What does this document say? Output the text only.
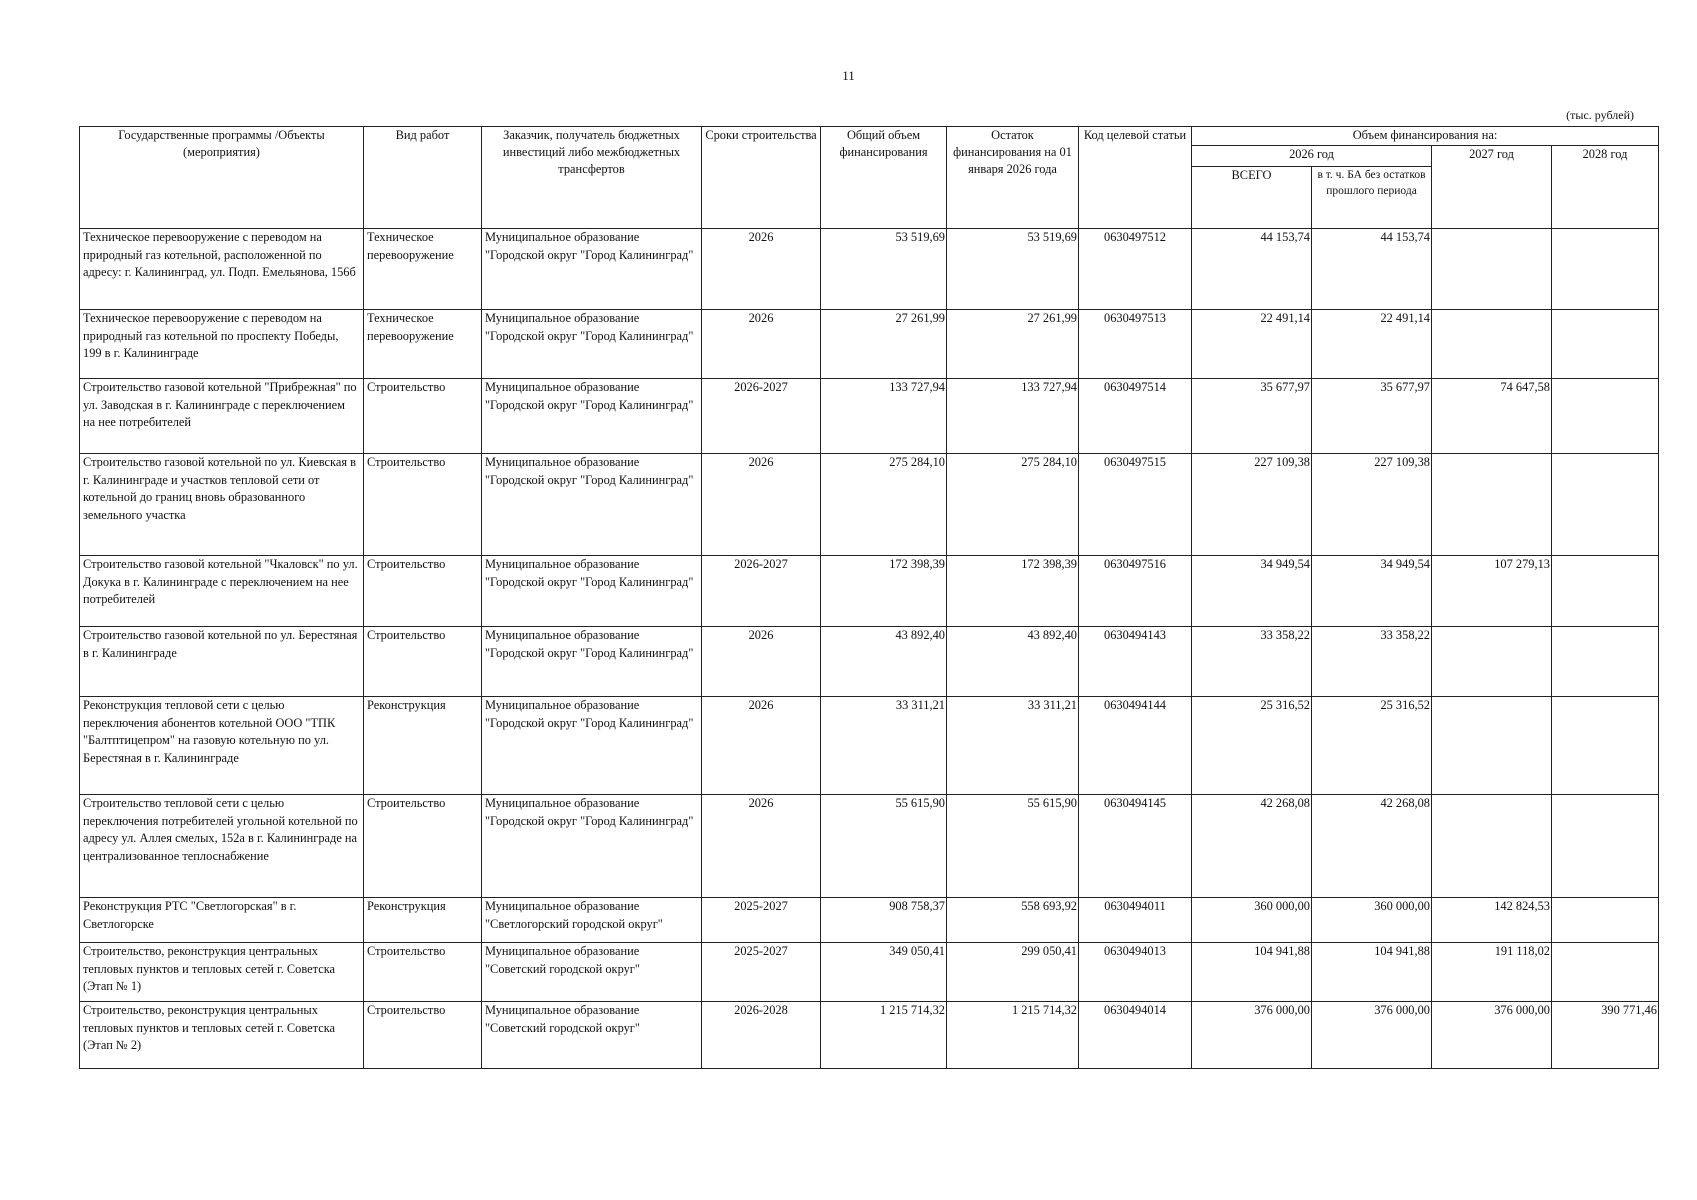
11
(тыс. рублей)
Государственные программы /Объекты (мероприятия)	Вид работ	Заказчик, получатель бюджетных инвестиций либо межбюджетных трансфертов	Сроки строительства	Общий объем финансирования	Остаток финансирования на 01 января 2026 года	Код целевой статьи	Объем финансирования на:			
							2026 год		2027 год	2028 год
							ВСЕГО	в т. ч. БА без остатков прошлого периода		
Техническое перевооружение с переводом на природный газ котельной, расположенной по адресу: г. Калининград, ул. Подп. Емельянова, 156б	Техническое перевооружение	Муниципальное образование "Городской округ "Город Калининград"	2026	53 519,69	53 519,69	0630497512	44 153,74	44 153,74		
Техническое перевооружение с переводом на природный газ котельной по проспекту Победы, 199 в г. Калининграде	Техническое перевооружение	Муниципальное образование "Городской округ "Город Калининград"	2026	27 261,99	27 261,99	0630497513	22 491,14	22 491,14		
Строительство газовой котельной "Прибрежная" по ул. Заводская в г. Калининграде с переключением на нее потребителей	Строительство	Муниципальное образование "Городской округ "Город Калининград"	2026-2027	133 727,94	133 727,94	0630497514	35 677,97	35 677,97	74 647,58	
Строительство газовой котельной по ул. Киевская в г. Калининграде и участков тепловой сети от котельной до границ вновь образованного земельного участка	Строительство	Муниципальное образование "Городской округ "Город Калининград"	2026	275 284,10	275 284,10	0630497515	227 109,38	227 109,38		
Строительство газовой котельной "Чкаловск" по ул. Докука в г. Калининграде с переключением на нее потребителей	Строительство	Муниципальное образование "Городской округ "Город Калининград"	2026-2027	172 398,39	172 398,39	0630497516	34 949,54	34 949,54	107 279,13	
Строительство газовой котельной по ул. Берестяная в г. Калининграде	Строительство	Муниципальное образование "Городской округ "Город Калининград"	2026	43 892,40	43 892,40	0630494143	33 358,22	33 358,22		
Реконструкция тепловой сети с целью переключения абонентов котельной ООО "ТПК "Балтптицепром" на газовую котельную по ул. Берестяная в г. Калининграде	Реконструкция	Муниципальное образование "Городской округ "Город Калининград"	2026	33 311,21	33 311,21	0630494144	25 316,52	25 316,52		
Строительство тепловой сети с целью переключения потребителей угольной котельной по адресу ул. Аллея смелых, 152а в г. Калининграде на централизованное теплоснабжение	Строительство	Муниципальное образование "Городской округ "Город Калининград"	2026	55 615,90	55 615,90	0630494145	42 268,08	42 268,08		
Реконструкция РТС "Светлогорская" в г. Светлогорске	Реконструкция	Муниципальное образование "Светлогорский городской округ"	2025-2027	908 758,37	558 693,92	0630494011	360 000,00	360 000,00	142 824,53	
Строительство, реконструкция центральных тепловых пунктов и тепловых сетей г. Советска (Этап № 1)	Строительство	Муниципальное образование "Советский городской округ"	2025-2027	349 050,41	299 050,41	0630494013	104 941,88	104 941,88	191 118,02	
Строительство, реконструкция центральных тепловых пунктов и тепловых сетей г. Советска (Этап № 2)	Строительство	Муниципальное образование "Советский городской округ"	2026-2028	1 215 714,32	1 215 714,32	0630494014	376 000,00	376 000,00	376 000,00	390 771,46
